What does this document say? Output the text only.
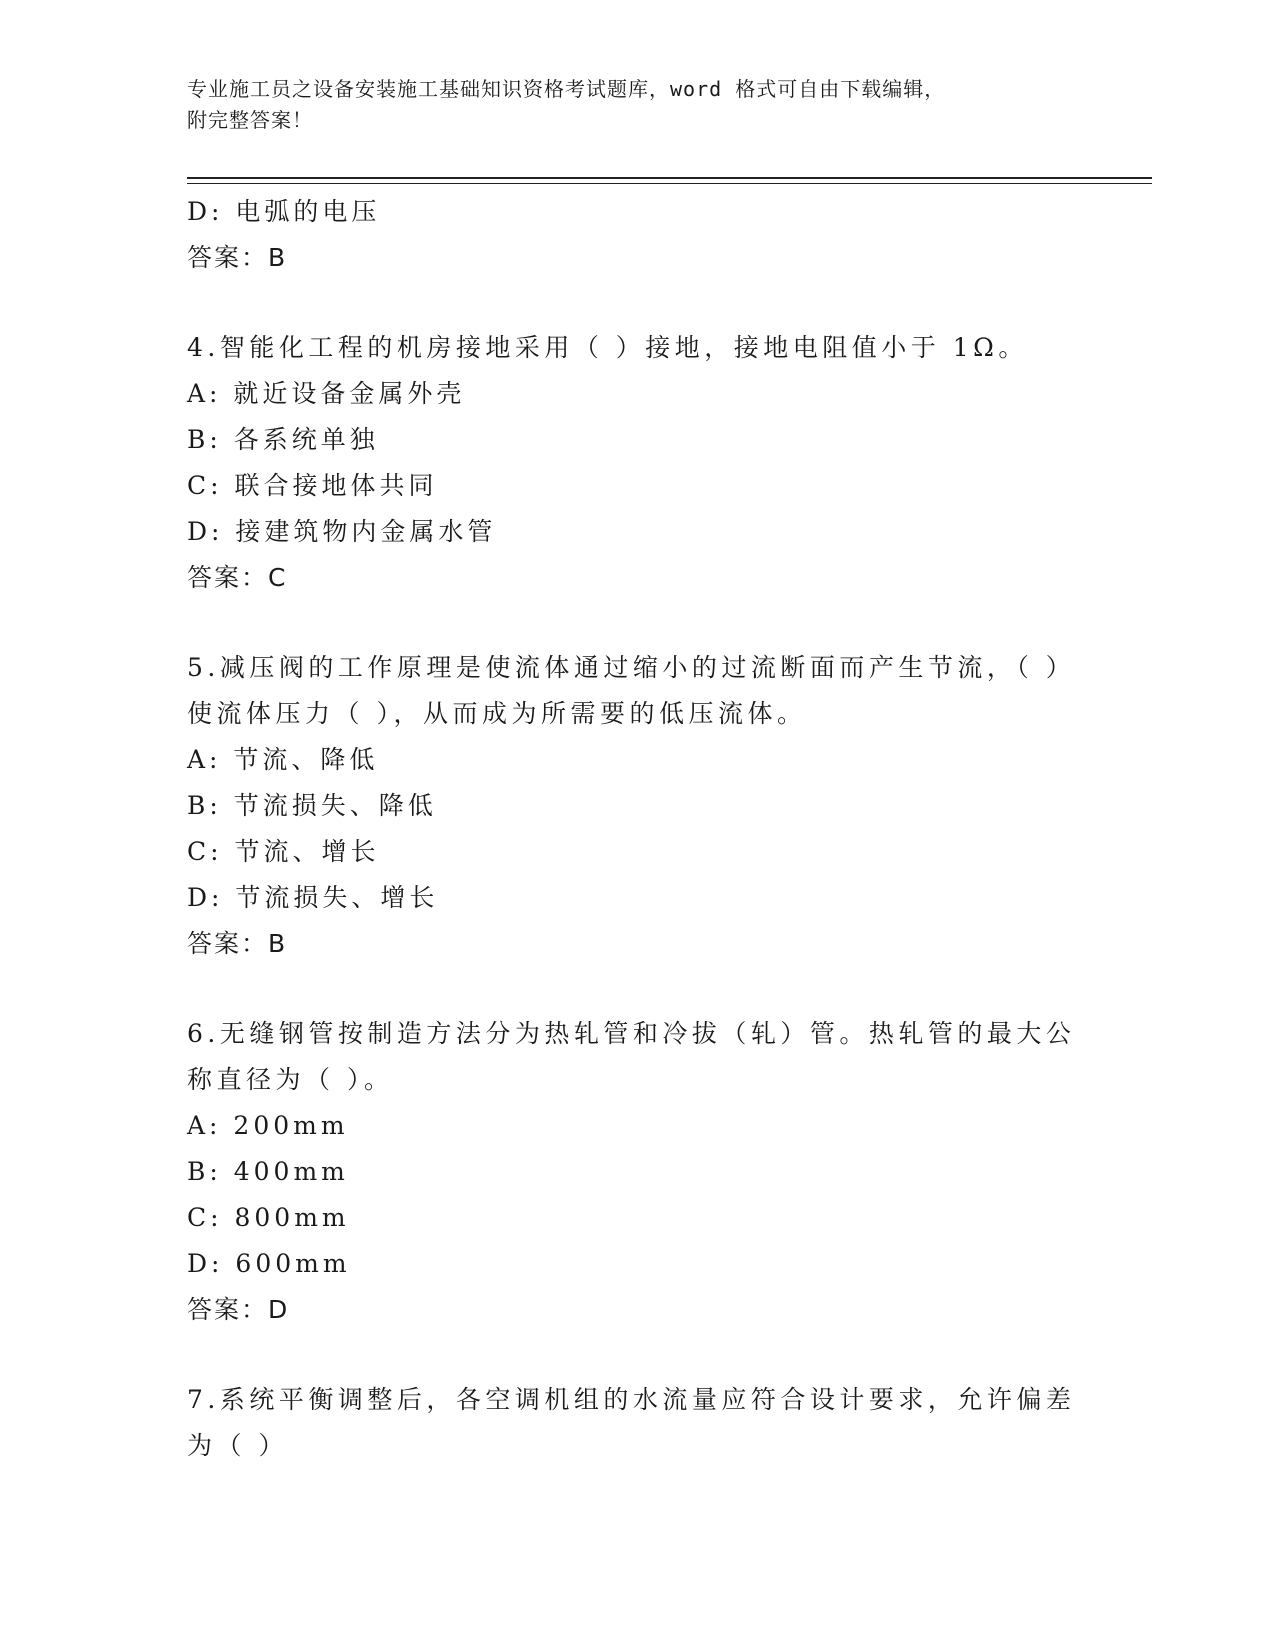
专业施工员之设备安装施工基础知识资格考试题库，word 格式可自由下载编辑，
附完整答案！
D: 电弧的电压
答案：B
4.智能化工程的机房接地采用（ ）接地，接地电阻值小于 1Ω。
A: 就近设备金属外壳
B: 各系统单独
C: 联合接地体共同
D: 接建筑物内金属水管
答案：C
5.减压阀的工作原理是使流体通过缩小的过流断面而产生节流，（ ）
使流体压力（ ），从而成为所需要的低压流体。
A: 节流、降低
B: 节流损失、降低
C: 节流、增长
D: 节流损失、增长
答案：B
6.无缝钢管按制造方法分为热轧管和冷拔（轧）管。热轧管的最大公
称直径为（ ）。
A: 200mm
B: 400mm
C: 800mm
D: 600mm
答案：D
7.系统平衡调整后，各空调机组的水流量应符合设计要求，允许偏差
为（ ）
